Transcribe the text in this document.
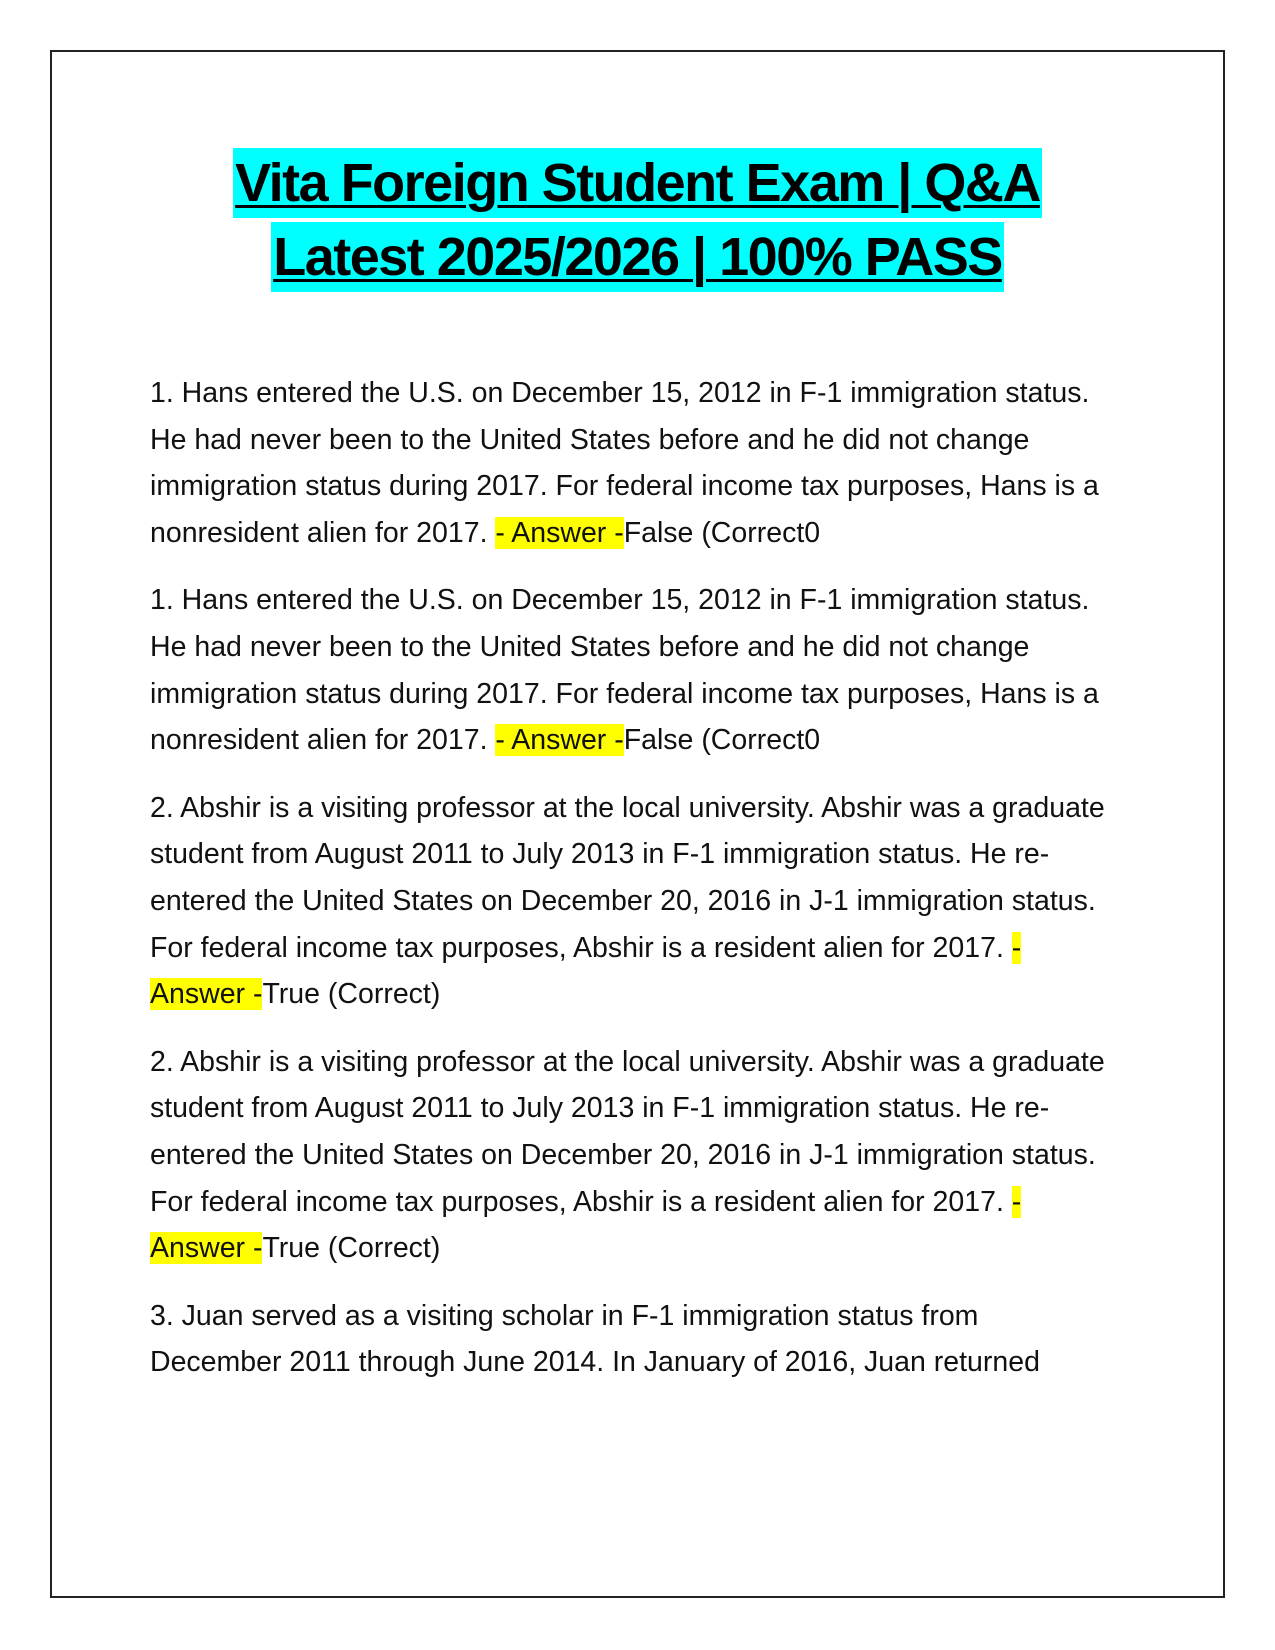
Vita Foreign Student Exam | Q&A
Latest 2025/2026 | 100% PASS

1. Hans entered the U.S. on December 15, 2012 in F-1 immigration status. He had never been to the United States before and he did not change immigration status during 2017. For federal income tax purposes, Hans is a nonresident alien for 2017. - Answer -False (Correct0

1. Hans entered the U.S. on December 15, 2012 in F-1 immigration status. He had never been to the United States before and he did not change immigration status during 2017. For federal income tax purposes, Hans is a nonresident alien for 2017. - Answer -False (Correct0

2. Abshir is a visiting professor at the local university. Abshir was a graduate student from August 2011 to July 2013 in F-1 immigration status. He re-entered the United States on December 20, 2016 in J-1 immigration status. For federal income tax purposes, Abshir is a resident alien for 2017. - Answer -True (Correct)

2. Abshir is a visiting professor at the local university. Abshir was a graduate student from August 2011 to July 2013 in F-1 immigration status. He re-entered the United States on December 20, 2016 in J-1 immigration status. For federal income tax purposes, Abshir is a resident alien for 2017. - Answer -True (Correct)

3. Juan served as a visiting scholar in F-1 immigration status from December 2011 through June 2014. In January of 2016, Juan returned
